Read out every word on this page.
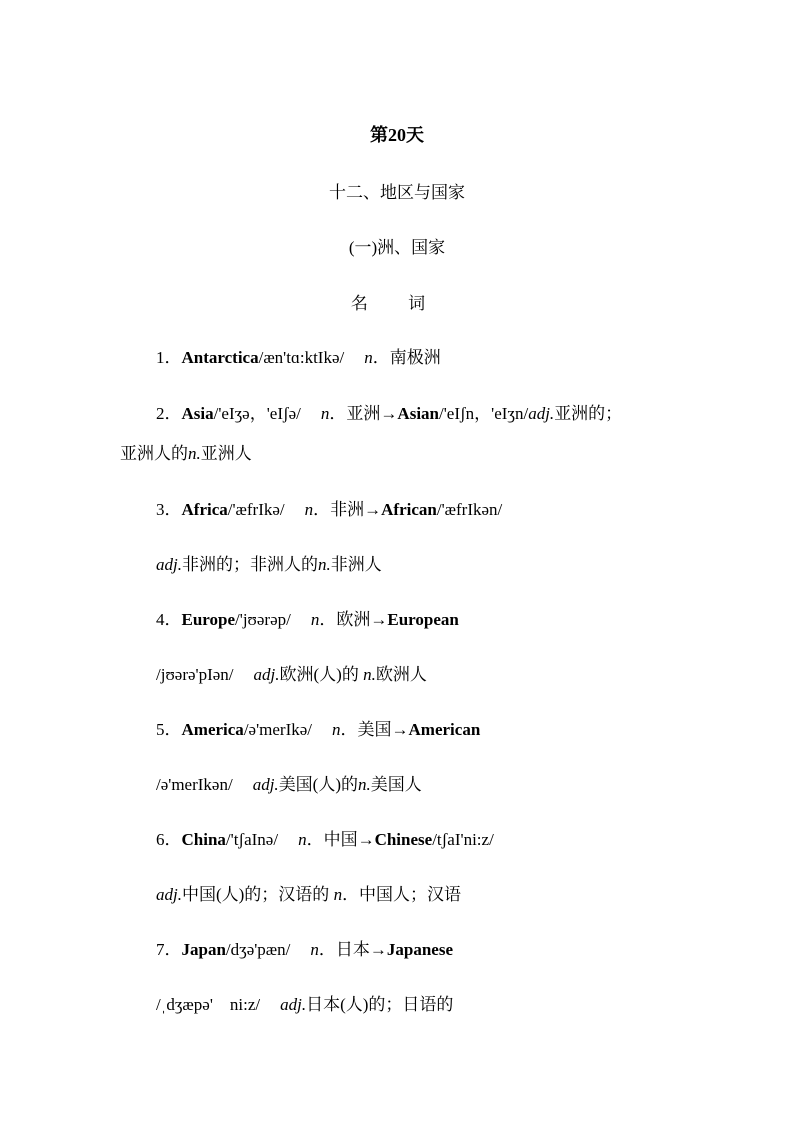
第20天
十二、地区与国家
(一)洲、国家
名 词
1．Antarctica/æn'tɑ:ktIkə/ n．南极洲
2．Asia/'eIʒə，'eIʃə/ n．亚洲→Asian/'eIʃn，'eIʒn/adj.亚洲的；
亚洲人的n.亚洲人
3．Africa/'æfrIkə/ n．非洲→African/'æfrIkən/
adj.非洲的；非洲人的n.非洲人
4．Europe/'jʊərəp/ n．欧洲→European
/jʊərə'pIən/ adj.欧洲(人)的 n.欧洲人
5．America/ə'merIkə/ n．美国→American
/ə'merIkən/ adj.美国(人)的n.美国人
6．China/'tʃaInə/ n．中国→Chinese/tʃaI'ni:z/
adj.中国(人)的；汉语的 n．中国人；汉语
7．Japan/dʒə'pæn/ n．日本→Japanese
/ˌdʒæpə'　ni:z/ adj.日本(人)的；日语的
